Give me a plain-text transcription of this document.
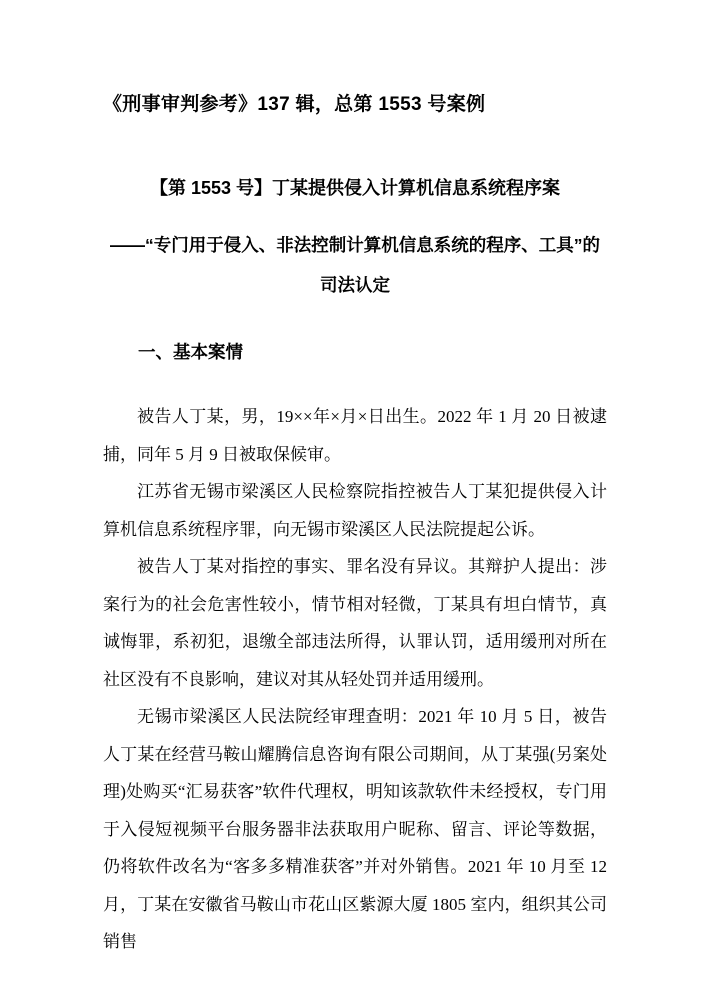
《刑事审判参考》137 辑，总第 1553 号案例
【第 1553 号】丁某提供侵入计算机信息系统程序案
——“专门用于侵入、非法控制计算机信息系统的程序、工具”的司法认定
一、基本案情

被告人丁某，男，19××年×月×日出生。2022 年 1 月 20 日被逮捕，同年 5 月 9 日被取保候审。

江苏省无锡市梁溪区人民检察院指控被告人丁某犯提供侵入计算机信息系统程序罪，向无锡市梁溪区人民法院提起公诉。

被告人丁某对指控的事实、罪名没有异议。其辩护人提出：涉案行为的社会危害性较小，情节相对轻微，丁某具有坦白情节，真诚悔罪，系初犯，退缴全部违法所得，认罪认罚，适用缓刑对所在社区没有不良影响，建议对其从轻处罚并适用缓刑。

无锡市梁溪区人民法院经审理查明：2021 年 10 月 5 日，被告人丁某在经营马鞍山耀腾信息咨询有限公司期间，从丁某强(另案处理)处购买“汇易获客”软件代理权，明知该款软件未经授权，专门用于入侵短视频平台服务器非法获取用户昵称、留言、评论等数据，仍将软件改名为“客多多精准获客”并对外销售。2021 年 10 月至 12 月，丁某在安徽省马鞍山市花山区紫源大厦 1805 室内，组织其公司销售
